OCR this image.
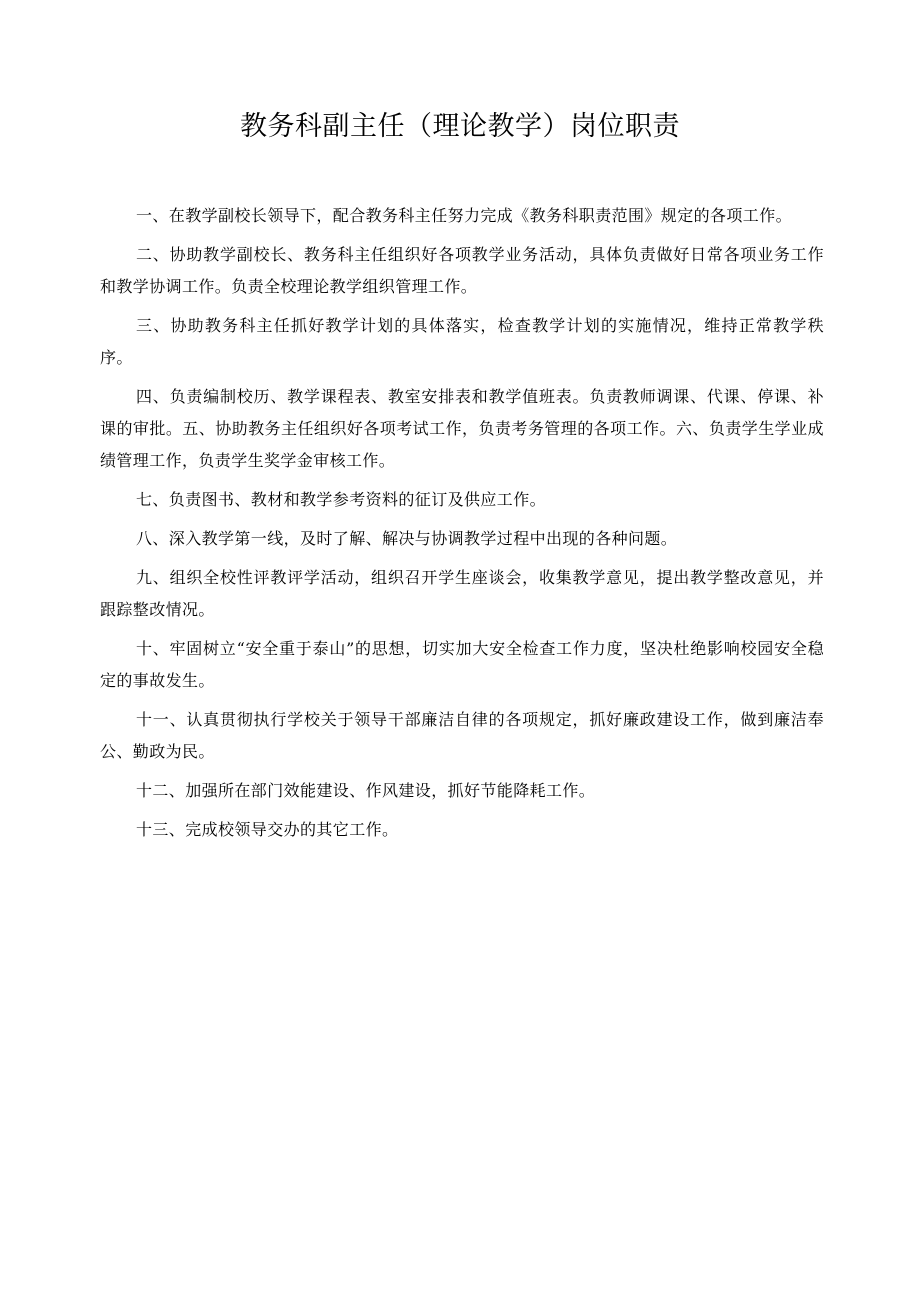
教务科副主任（理论教学）岗位职责

一、在教学副校长领导下，配合教务科主任努力完成《教务科职责范围》规定的各项工作。

二、协助教学副校长、教务科主任组织好各项教学业务活动，具体负责做好日常各项业务工作和教学协调工作。负责全校理论教学组织管理工作。

三、协助教务科主任抓好教学计划的具体落实，检查教学计划的实施情况，维持正常教学秩序。

四、负责编制校历、教学课程表、教室安排表和教学值班表。负责教师调课、代课、停课、补课的审批。五、协助教务主任组织好各项考试工作，负责考务管理的各项工作。六、负责学生学业成绩管理工作，负责学生奖学金审核工作。

七、负责图书、教材和教学参考资料的征订及供应工作。

八、深入教学第一线，及时了解、解决与协调教学过程中出现的各种问题。

九、组织全校性评教评学活动，组织召开学生座谈会，收集教学意见，提出教学整改意见，并跟踪整改情况。

十、牢固树立“安全重于泰山”的思想，切实加大安全检查工作力度，坚决杜绝影响校园安全稳定的事故发生。

十一、认真贯彻执行学校关于领导干部廉洁自律的各项规定，抓好廉政建设工作，做到廉洁奉公、勤政为民。

十二、加强所在部门效能建设、作风建设，抓好节能降耗工作。

十三、完成校领导交办的其它工作。
